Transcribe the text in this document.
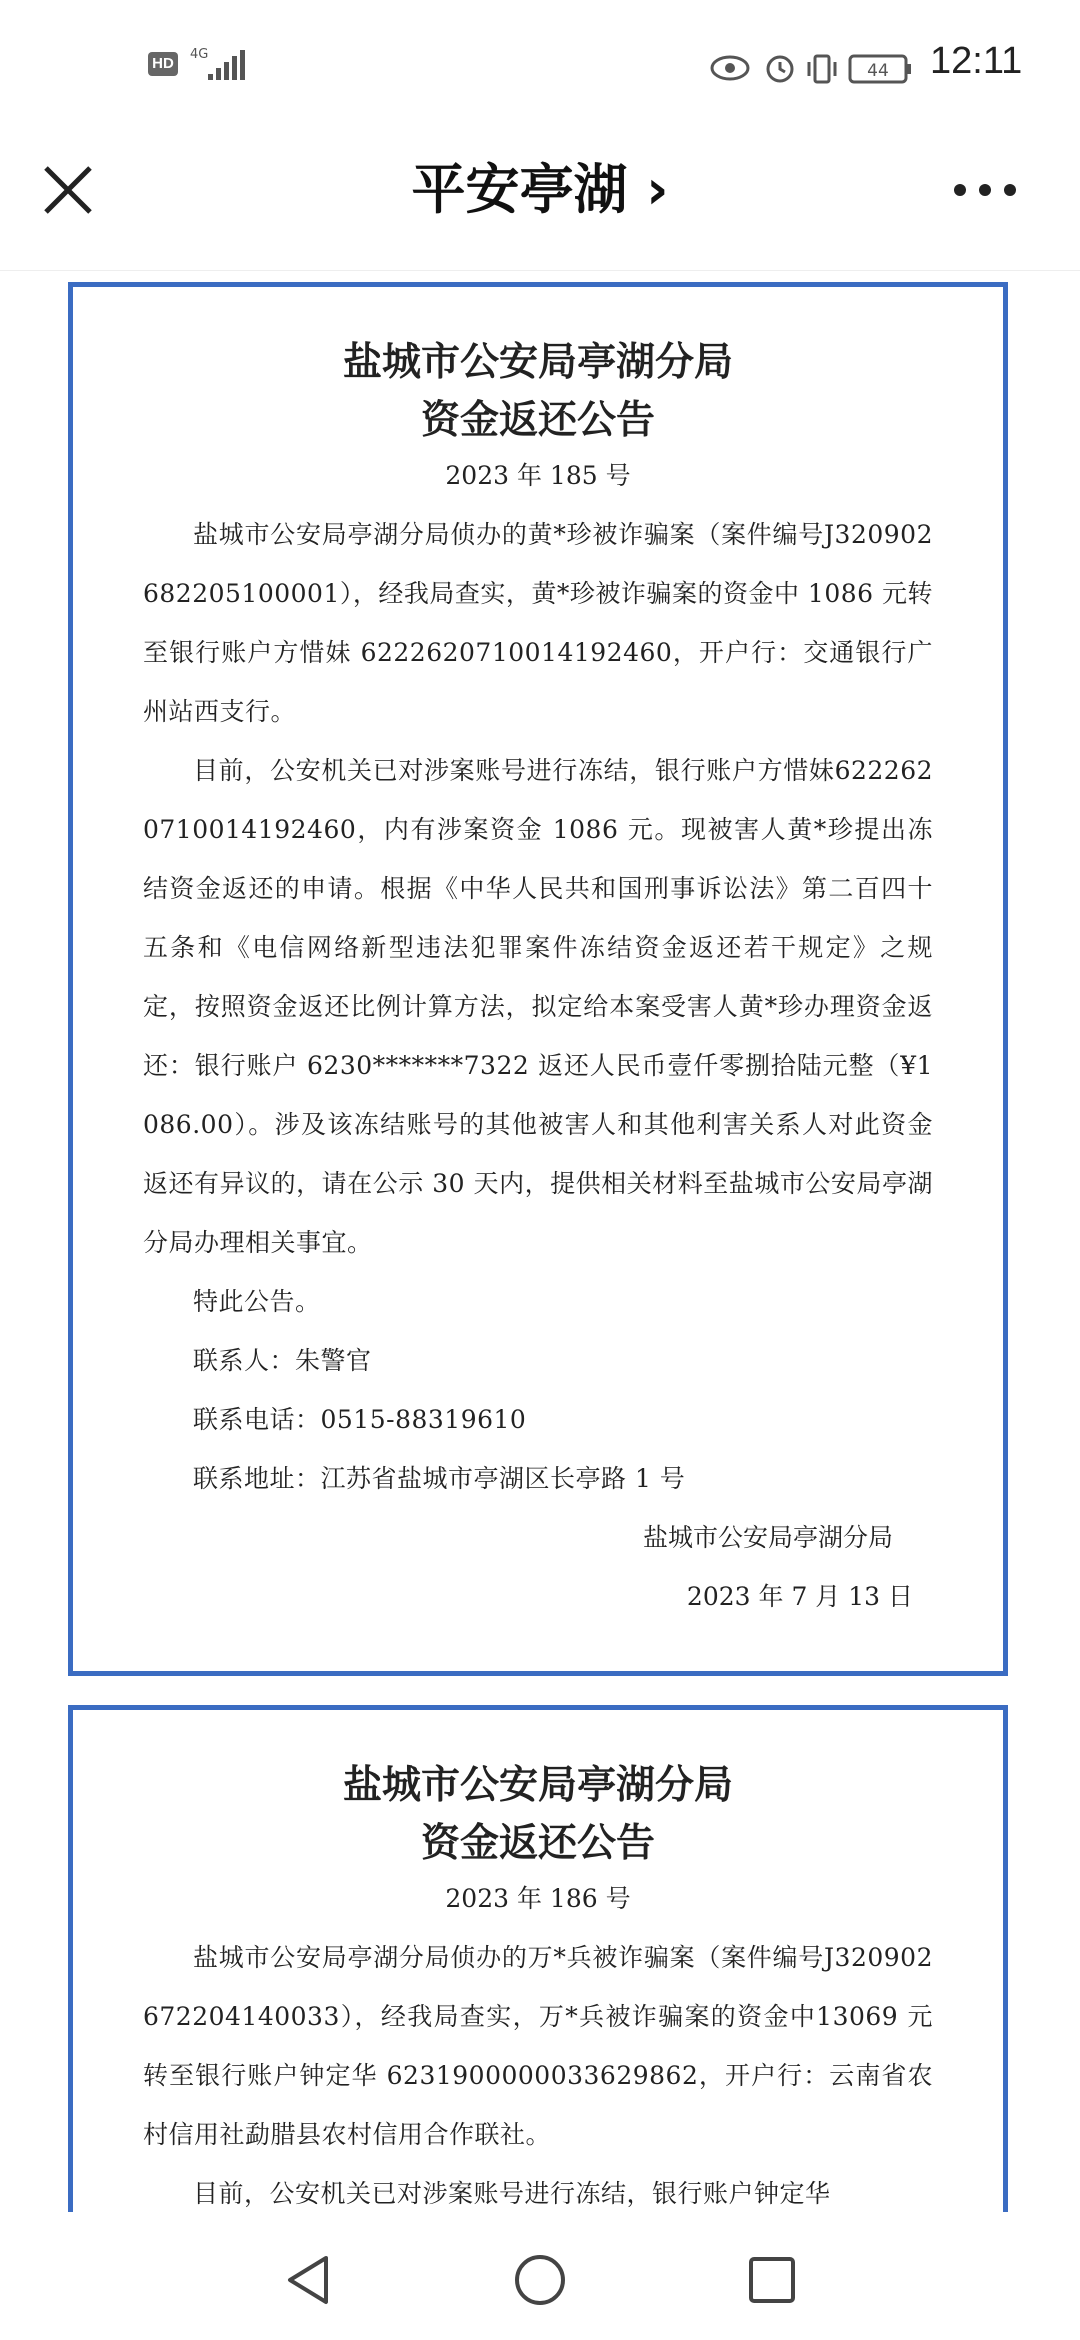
HD
4G
44 12:11
平安亭湖 ›
盐城市公安局亭湖分局
资金返还公告
2023 年 185 号

盐城市公安局亭湖分局侦办的黄*珍被诈骗案（案件编号J320902682205100001），经我局查实，黄*珍被诈骗案的资金中 1086 元转至银行账户方惜妹 6222620710014192460，开户行：交通银行广州站西支行。

目前，公安机关已对涉案账号进行冻结，银行账户方惜妹6222620710014192460，内有涉案资金 1086 元。现被害人黄*珍提出冻结资金返还的申请。根据《中华人民共和国刑事诉讼法》第二百四十五条和《电信网络新型违法犯罪案件冻结资金返还若干规定》之规定，按照资金返还比例计算方法，拟定给本案受害人黄*珍办理资金返还：银行账户 6230*******7322 返还人民币壹仟零捌拾陆元整（¥1086.00）。涉及该冻结账号的其他被害人和其他利害关系人对此资金返还有异议的，请在公示 30 天内，提供相关材料至盐城市公安局亭湖分局办理相关事宜。

特此公告。

联系人：朱警官

联系电话：0515-88319610

联系地址：江苏省盐城市亭湖区长亭路 1 号

盐城市公安局亭湖分局
2023 年 7 月 13 日
盐城市公安局亭湖分局
资金返还公告
2023 年 186 号

盐城市公安局亭湖分局侦办的万*兵被诈骗案（案件编号J320902672204140033），经我局查实，万*兵被诈骗案的资金中13069 元转至银行账户钟定华 6231900000033629862，开户行：云南省农村信用社勐腊县农村信用合作联社。

目前，公安机关已对涉案账号进行冻结，银行账户钟定华
